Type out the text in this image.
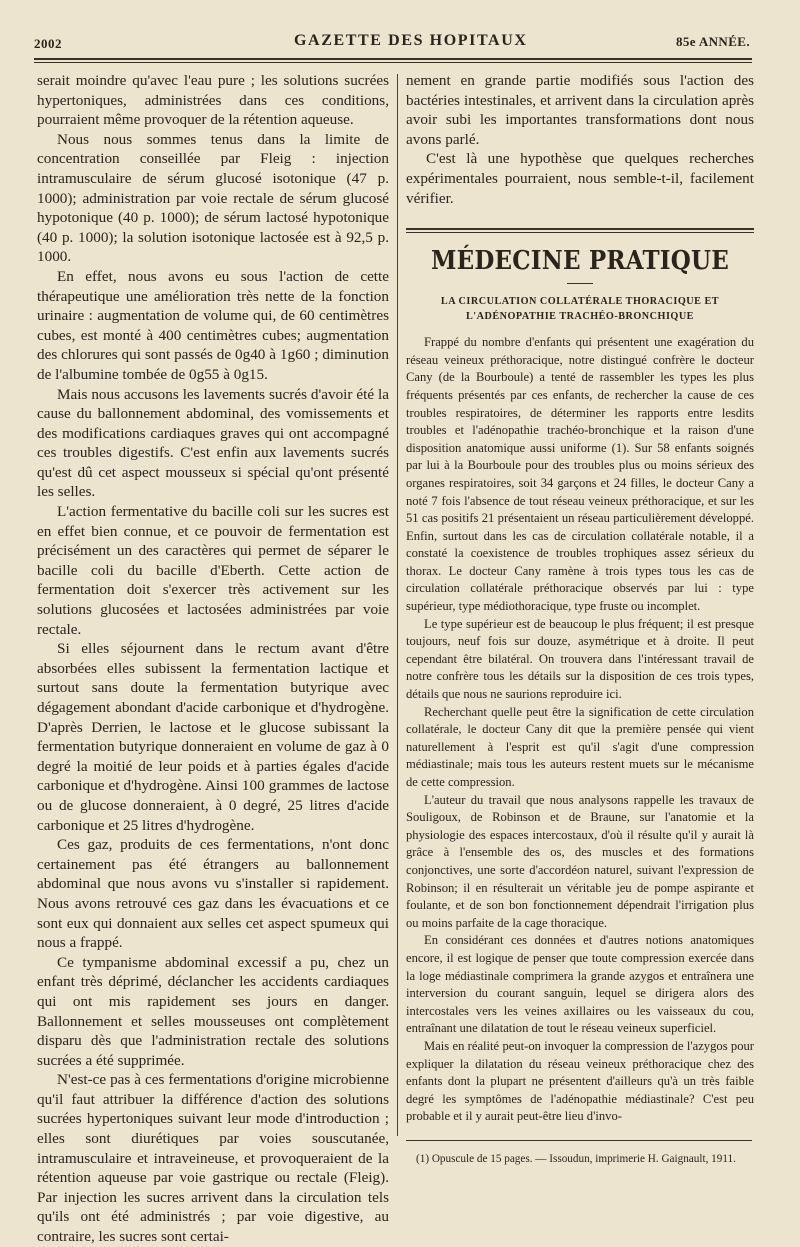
2002	GAZETTE DES HOPITAUX	85e ANNÉE.

serait moindre qu'avec l'eau pure ; les solutions sucrées hypertoniques, administrées dans ces conditions, pourraient même provoquer de la rétention aqueuse.

Nous nous sommes tenus dans la limite de concentration conseillée par Fleig : injection intramusculaire de sérum glucosé isotonique (47 p. 1000); administration par voie rectale de sérum glucosé hypotonique (40 p. 1000); de sérum lactosé hypotonique (40 p. 1000); la solution isotonique lactosée est à 92,5 p. 1000.

En effet, nous avons eu sous l'action de cette thérapeutique une amélioration très nette de la fonction urinaire : augmentation de volume qui, de 60 centimètres cubes, est monté à 400 centimètres cubes; augmentation des chlorures qui sont passés de 0g40 à 1g60 ; diminution de l'albumine tombée de 0g55 à 0g15.

Mais nous accusons les lavements sucrés d'avoir été la cause du ballonnement abdominal, des vomissements et des modifications cardiaques graves qui ont accompagné ces troubles digestifs. C'est enfin aux lavements sucrés qu'est dû cet aspect mousseux si spécial qu'ont présenté les selles.

L'action fermentative du bacille coli sur les sucres est en effet bien connue, et ce pouvoir de fermentation est précisément un des caractères qui permet de séparer le bacille coli du bacille d'Eberth. Cette action de fermentation doit s'exercer très activement sur les solutions glucosées et lactosées administrées par voie rectale.

Si elles séjournent dans le rectum avant d'être absorbées elles subissent la fermentation lactique et surtout sans doute la fermentation butyrique avec dégagement abondant d'acide carbonique et d'hydrogène. D'après Derrien, le lactose et le glucose subissant la fermentation butyrique donneraient en volume de gaz à 0 degré la moitié de leur poids et à parties égales d'acide carbonique et d'hydrogène. Ainsi 100 grammes de lactose ou de glucose donneraient, à 0 degré, 25 litres d'acide carbonique et 25 litres d'hydrogène.

Ces gaz, produits de ces fermentations, n'ont donc certainement pas été étrangers au ballonnement abdominal que nous avons vu s'installer si rapidement. Nous avons retrouvé ces gaz dans les évacuations et ce sont eux qui donnaient aux selles cet aspect spumeux qui nous a frappé.

Ce tympanisme abdominal excessif a pu, chez un enfant très déprimé, déclancher les accidents cardiaques qui ont mis rapidement ses jours en danger. Ballonnement et selles mousseuses ont complètement disparu dès que l'administration rectale des solutions sucrées a été supprimée.

N'est-ce pas à ces fermentations d'origine microbienne qu'il faut attribuer la différence d'action des solutions sucrées hypertoniques suivant leur mode d'introduction ; elles sont diurétiques par voies souscutanée, intramusculaire et intraveineuse, et provoqueraient de la rétention aqueuse par voie gastrique ou rectale (Fleig). Par injection les sucres arrivent dans la circulation tels qu'ils ont été administrés ; par voie digestive, au contraire, les sucres sont certai-

nement en grande partie modifiés sous l'action des bactéries intestinales, et arrivent dans la circulation après avoir subi les importantes transformations dont nous avons parlé.

C'est là une hypothèse que quelques recherches expérimentales pourraient, nous semble-t-il, facilement vérifier.

MÉDECINE PRATIQUE
LA CIRCULATION COLLATÉRALE THORACIQUE ET L'ADÉNOPATHIE TRACHÉO-BRONCHIQUE

Frappé du nombre d'enfants qui présentent une exagération du réseau veineux préthoracique, notre distingué confrère le docteur Cany (de la Bourboule) a tenté de rassembler les types les plus fréquents présentés par ces enfants, de rechercher la cause de ces troubles respiratoires, de déterminer les rapports entre lesdits troubles et l'adénopathie trachéo-bronchique et la raison d'une disposition anatomique aussi uniforme (1). Sur 58 enfants soignés par lui à la Bourboule pour des troubles plus ou moins sérieux des organes respiratoires, soit 34 garçons et 24 filles, le docteur Cany a noté 7 fois l'absence de tout réseau veineux préthoracique, et sur les 51 cas positifs 21 présentaient un réseau particulièrement développé. Enfin, surtout dans les cas de circulation collatérale notable, il a constaté la coexistence de troubles trophiques assez sérieux du thorax. Le docteur Cany ramène à trois types tous les cas de circulation collatérale préthoracique observés par lui : type supérieur, type médiothoracique, type fruste ou incomplet.

Le type supérieur est de beaucoup le plus fréquent; il est presque toujours, neuf fois sur douze, asymétrique et à droite. Il peut cependant être bilatéral. On trouvera dans l'intéressant travail de notre confrère tous les détails sur la disposition de ces trois types, détails que nous ne saurions reproduire ici.

Recherchant quelle peut être la signification de cette circulation collatérale, le docteur Cany dit que la première pensée qui vient naturellement à l'esprit est qu'il s'agit d'une compression médiastinale; mais tous les auteurs restent muets sur le mécanisme de cette compression.

L'auteur du travail que nous analysons rappelle les travaux de Souligoux, de Robinson et de Braune, sur l'anatomie et la physiologie des espaces intercostaux, d'où il résulte qu'il y aurait là grâce à l'ensemble des os, des muscles et des formations conjonctives, une sorte d'accordéon naturel, suivant l'expression de Robinson; il en résulterait un véritable jeu de pompe aspirante et foulante, et de son bon fonctionnement dépendrait l'irrigation plus ou moins parfaite de la cage thoracique.

En considérant ces données et d'autres notions anatomiques encore, il est logique de penser que toute compression exercée dans la loge médiastinale comprimera la grande azygos et entraînera une interversion du courant sanguin, lequel se dirigera alors des intercostales vers les veines axillaires ou les vaisseaux du cou, entraînant une dilatation de tout le réseau veineux superficiel.

Mais en réalité peut-on invoquer la compression de l'azygos pour expliquer la dilatation du réseau veineux préthoracique chez des enfants dont la plupart ne présentent d'ailleurs qu'à un très faible degré les symptômes de l'adénopathie médiastinale? C'est peu probable et il y aurait peut-être lieu d'invo-

(1) Opuscule de 15 pages. — Issoudun, imprimerie H. Gaignault, 1911.
